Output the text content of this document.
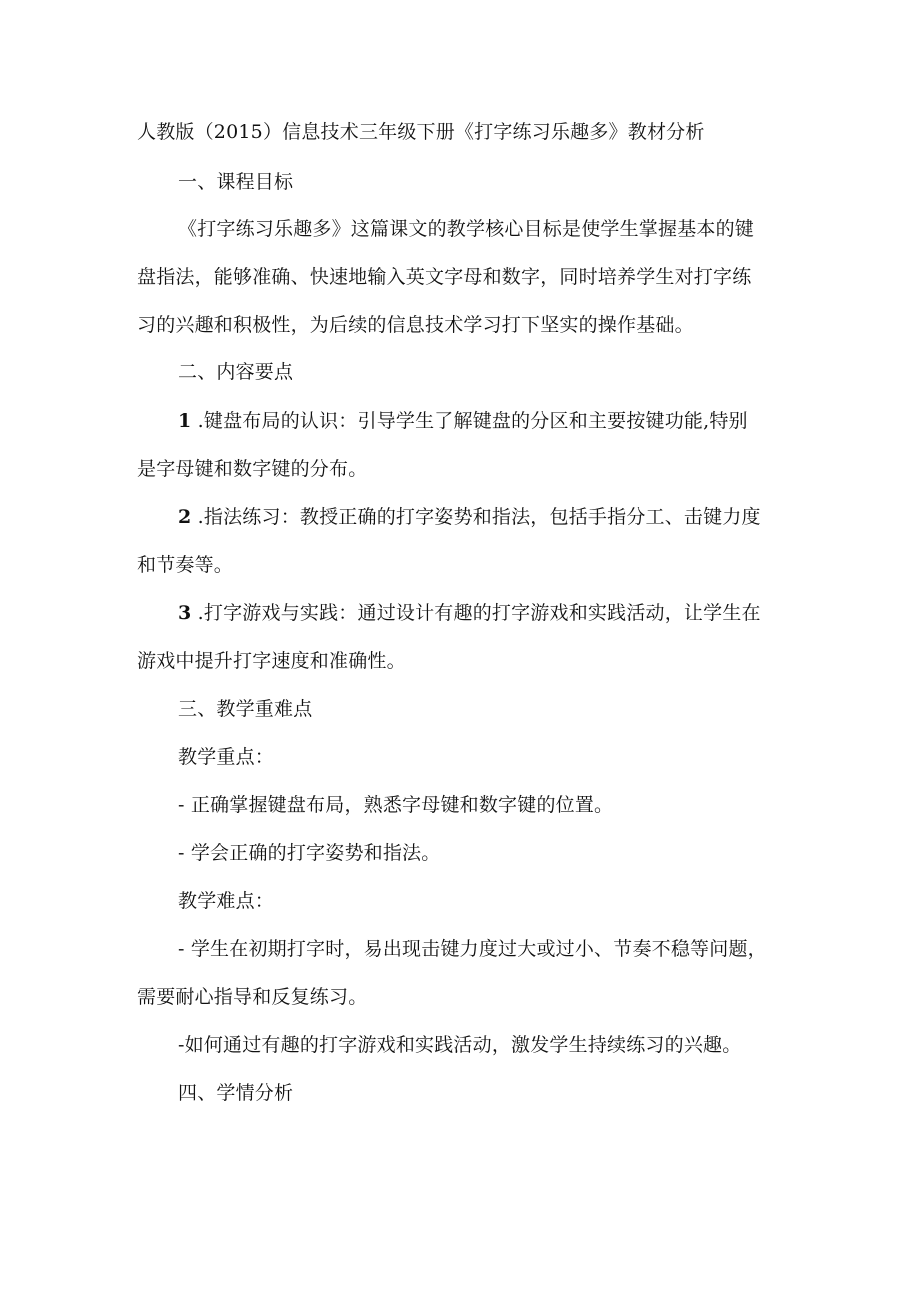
人教版（2015）信息技术三年级下册《打字练习乐趣多》教材分析
一、课程目标
《打字练习乐趣多》这篇课文的教学核心目标是使学生掌握基本的键
盘指法，能够准确、快速地输入英文字母和数字，同时培养学生对打字练
习的兴趣和积极性，为后续的信息技术学习打下坚实的操作基础。
二、内容要点
1 .键盘布局的认识：引导学生了解键盘的分区和主要按键功能,特别
是字母键和数字键的分布。
2 .指法练习：教授正确的打字姿势和指法，包括手指分工、击键力度
和节奏等。
3 .打字游戏与实践：通过设计有趣的打字游戏和实践活动，让学生在
游戏中提升打字速度和准确性。
三、教学重难点
教学重点：
- 正确掌握键盘布局，熟悉字母键和数字键的位置。
- 学会正确的打字姿势和指法。
教学难点：
- 学生在初期打字时，易出现击键力度过大或过小、节奏不稳等问题，
需要耐心指导和反复练习。
-如何通过有趣的打字游戏和实践活动，激发学生持续练习的兴趣。
四、学情分析
